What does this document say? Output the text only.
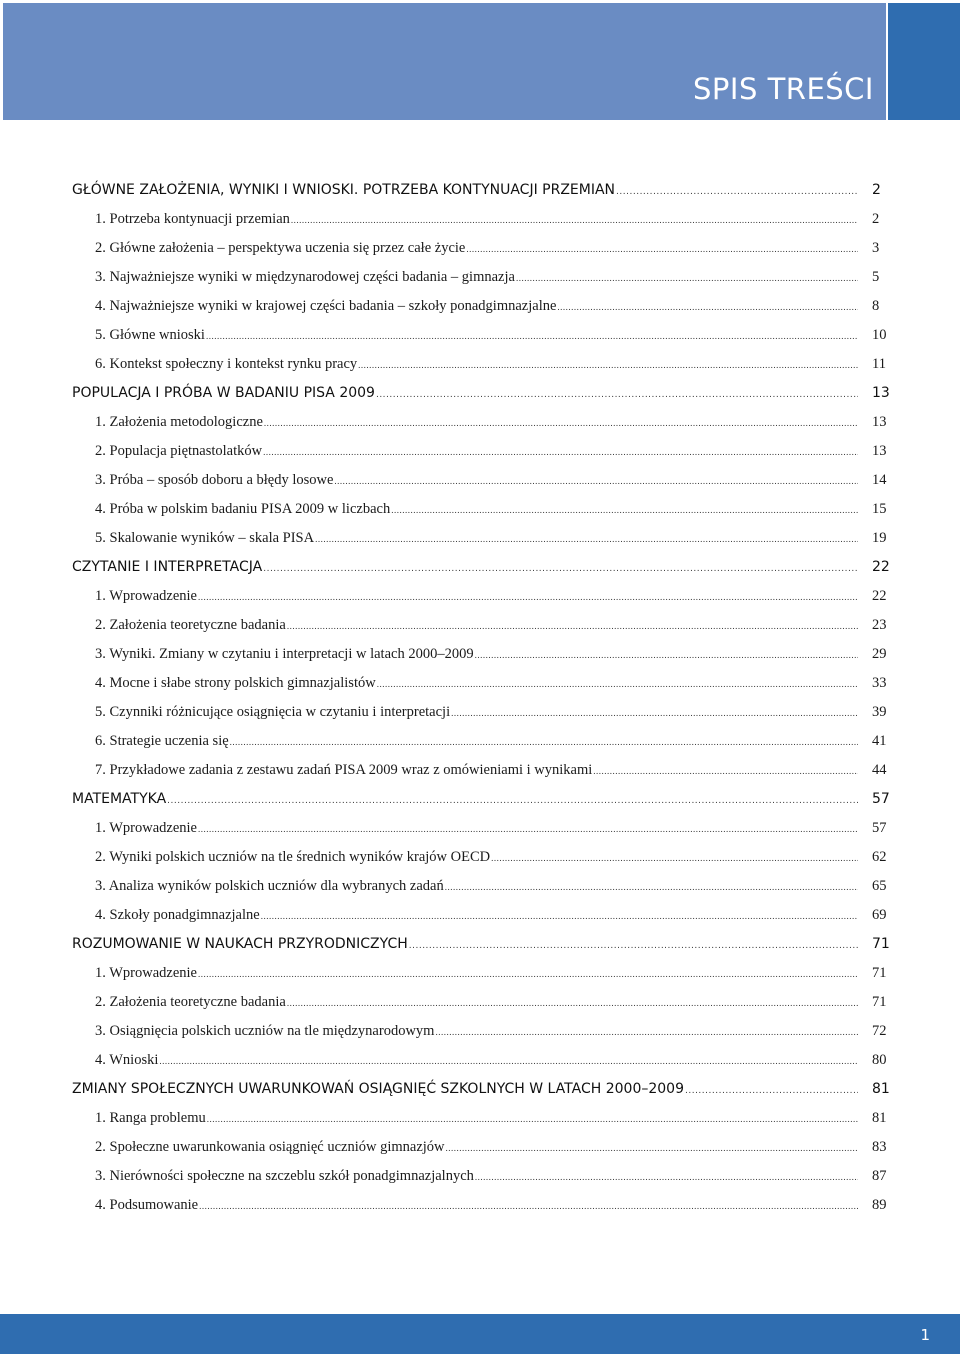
SPIS TREŚCI
GŁÓWNE ZAŁOŻENIA, WYNIKI I WNIOSKI. POTRZEBA KONTYNUACJI PRZEMIAN .....	2
1. Potrzeba kontynuacji przemian .....	2
2. Główne założenia – perspektywa uczenia się przez całe życie .....	3
3. Najważniejsze wyniki w międzynarodowej części badania – gimnazja .....	5
4. Najważniejsze wyniki w krajowej części badania – szkoły ponadgimnazjalne .....	8
5. Główne wnioski .....	10
6. Kontekst społeczny i kontekst rynku pracy .....	11
POPULACJA I PRÓBA W BADANIU PISA 2009 .....	13
1. Założenia metodologiczne .....	13
2. Populacja piętnastolatków .....	13
3. Próba – sposób doboru a błędy losowe .....	14
4. Próba w polskim badaniu PISA 2009 w liczbach .....	15
5. Skalowanie wyników – skala PISA .....	19
CZYTANIE I INTERPRETACJA .....	22
1. Wprowadzenie .....	22
2. Założenia teoretyczne badania .....	23
3. Wyniki. Zmiany w czytaniu i interpretacji w latach 2000–2009 .....	29
4. Mocne i słabe strony polskich gimnazjalistów .....	33
5. Czynniki różnicujące osiągnięcia w czytaniu i interpretacji .....	39
6. Strategie uczenia się .....	41
7. Przykładowe zadania z zestawu zadań PISA 2009 wraz z omówieniami i wynikami .....	44
MATEMATYKA .....	57
1. Wprowadzenie .....	57
2. Wyniki polskich uczniów na tle średnich wyników krajów OECD .....	62
3. Analiza wyników polskich uczniów dla wybranych zadań .....	65
4. Szkoły ponadgimnazjalne .....	69
ROZUMOWANIE W NAUKACH PRZYRODNICZYCH .....	71
1. Wprowadzenie .....	71
2. Założenia teoretyczne badania .....	71
3. Osiągnięcia polskich uczniów na tle międzynarodowym .....	72
4. Wnioski .....	80
ZMIANY SPOŁECZNYCH UWARUNKOWAŃ OSIĄGNIĘĆ SZKOLNYCH W LATACH 2000–2009 .....	81
1. Ranga problemu .....	81
2. Społeczne uwarunkowania osiągnięć uczniów gimnazjów .....	83
3. Nierówności społeczne na szczeblu szkół ponadgimnazjalnych .....	87
4. Podsumowanie .....	89
1
